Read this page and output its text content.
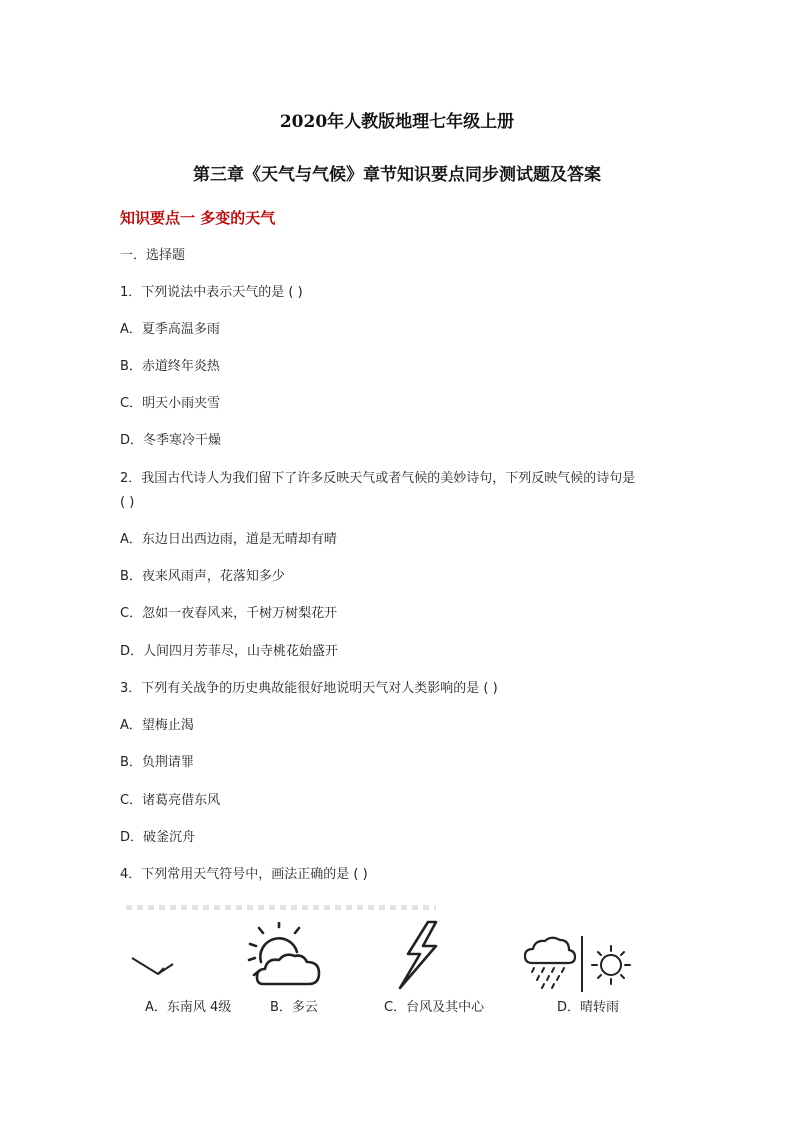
2020年人教版地理七年级上册
第三章《天气与气候》章节知识要点同步测试题及答案
知识要点一 多变的天气
一．选择题
1．下列说法中表示天气的是 ( )
A．夏季高温多雨
B．赤道终年炎热
C．明天小雨夹雪
D．冬季寒冷干燥
2．我国古代诗人为我们留下了许多反映天气或者气候的美妙诗句，下列反映气候的诗句是
( )
A．东边日出西边雨，道是无晴却有晴
B．夜来风雨声，花落知多少
C．忽如一夜春风来，千树万树梨花开
D．人间四月芳菲尽，山寺桃花始盛开
3．下列有关战争的历史典故能很好地说明天气对人类影响的是 ( )
A．望梅止渴
B．负荆请罪
C．诸葛亮借东风
D．破釜沉舟
4．下列常用天气符号中，画法正确的是 ( )
A．东南风 4级	B．多云	C．台风及其中心	D．晴转雨
